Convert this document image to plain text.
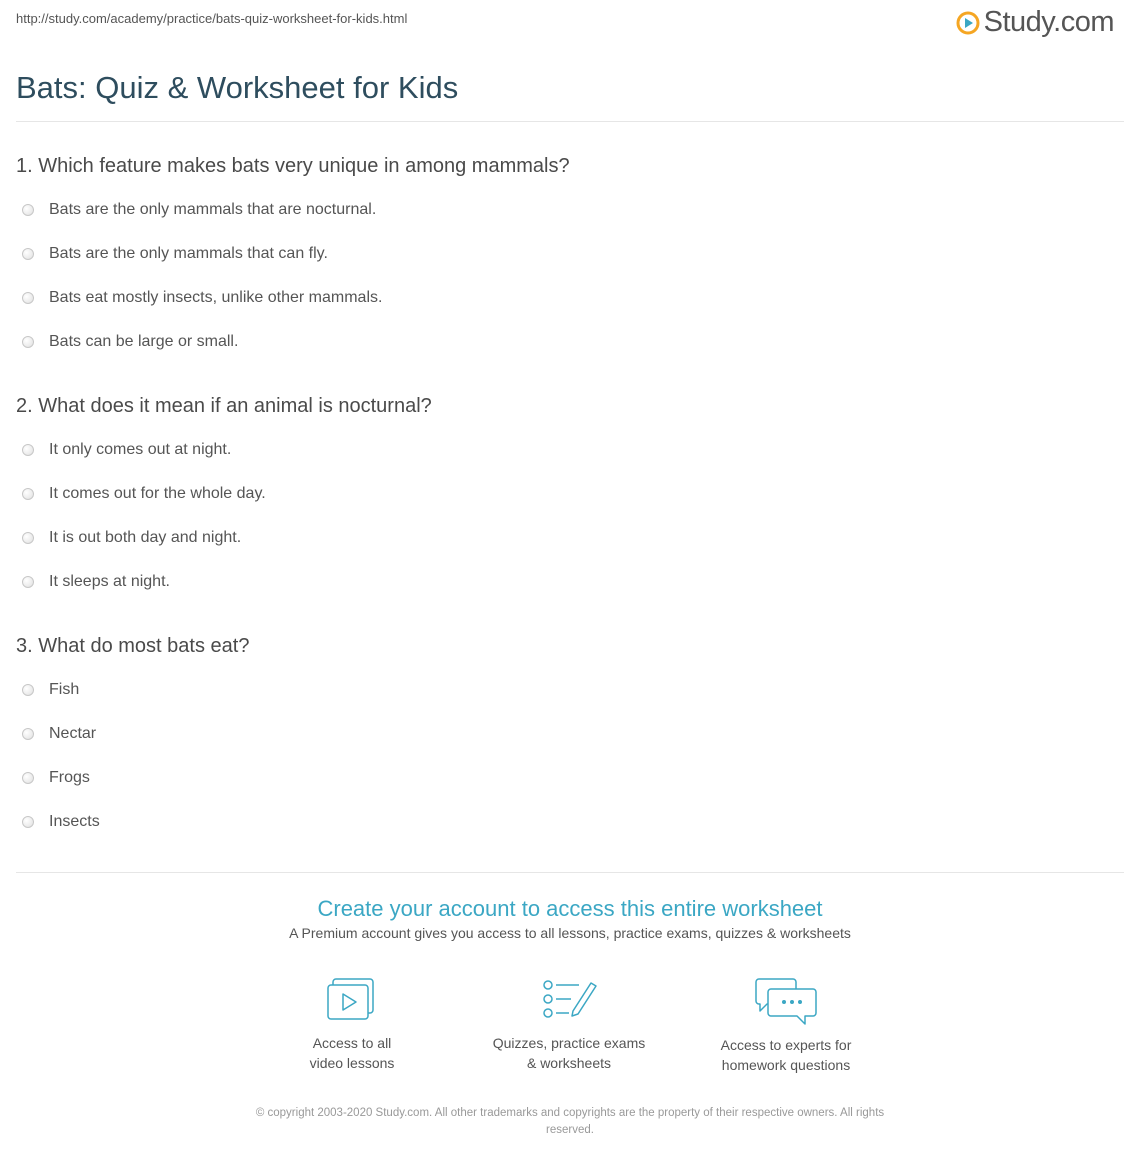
http://study.com/academy/practice/bats-quiz-worksheet-for-kids.html	Study.com
Bats: Quiz & Worksheet for Kids
1. Which feature makes bats very unique in among mammals?
Bats are the only mammals that are nocturnal.
Bats are the only mammals that can fly.
Bats eat mostly insects, unlike other mammals.
Bats can be large or small.
2. What does it mean if an animal is nocturnal?
It only comes out at night.
It comes out for the whole day.
It is out both day and night.
It sleeps at night.
3. What do most bats eat?
Fish
Nectar
Frogs
Insects
Create your account to access this entire worksheet
A Premium account gives you access to all lessons, practice exams, quizzes & worksheets
Access to all
video lessons
Quizzes, practice exams
& worksheets
Access to experts for
homework questions
© copyright 2003-2020 Study.com. All other trademarks and copyrights are the property of their respective owners. All rights
reserved.
